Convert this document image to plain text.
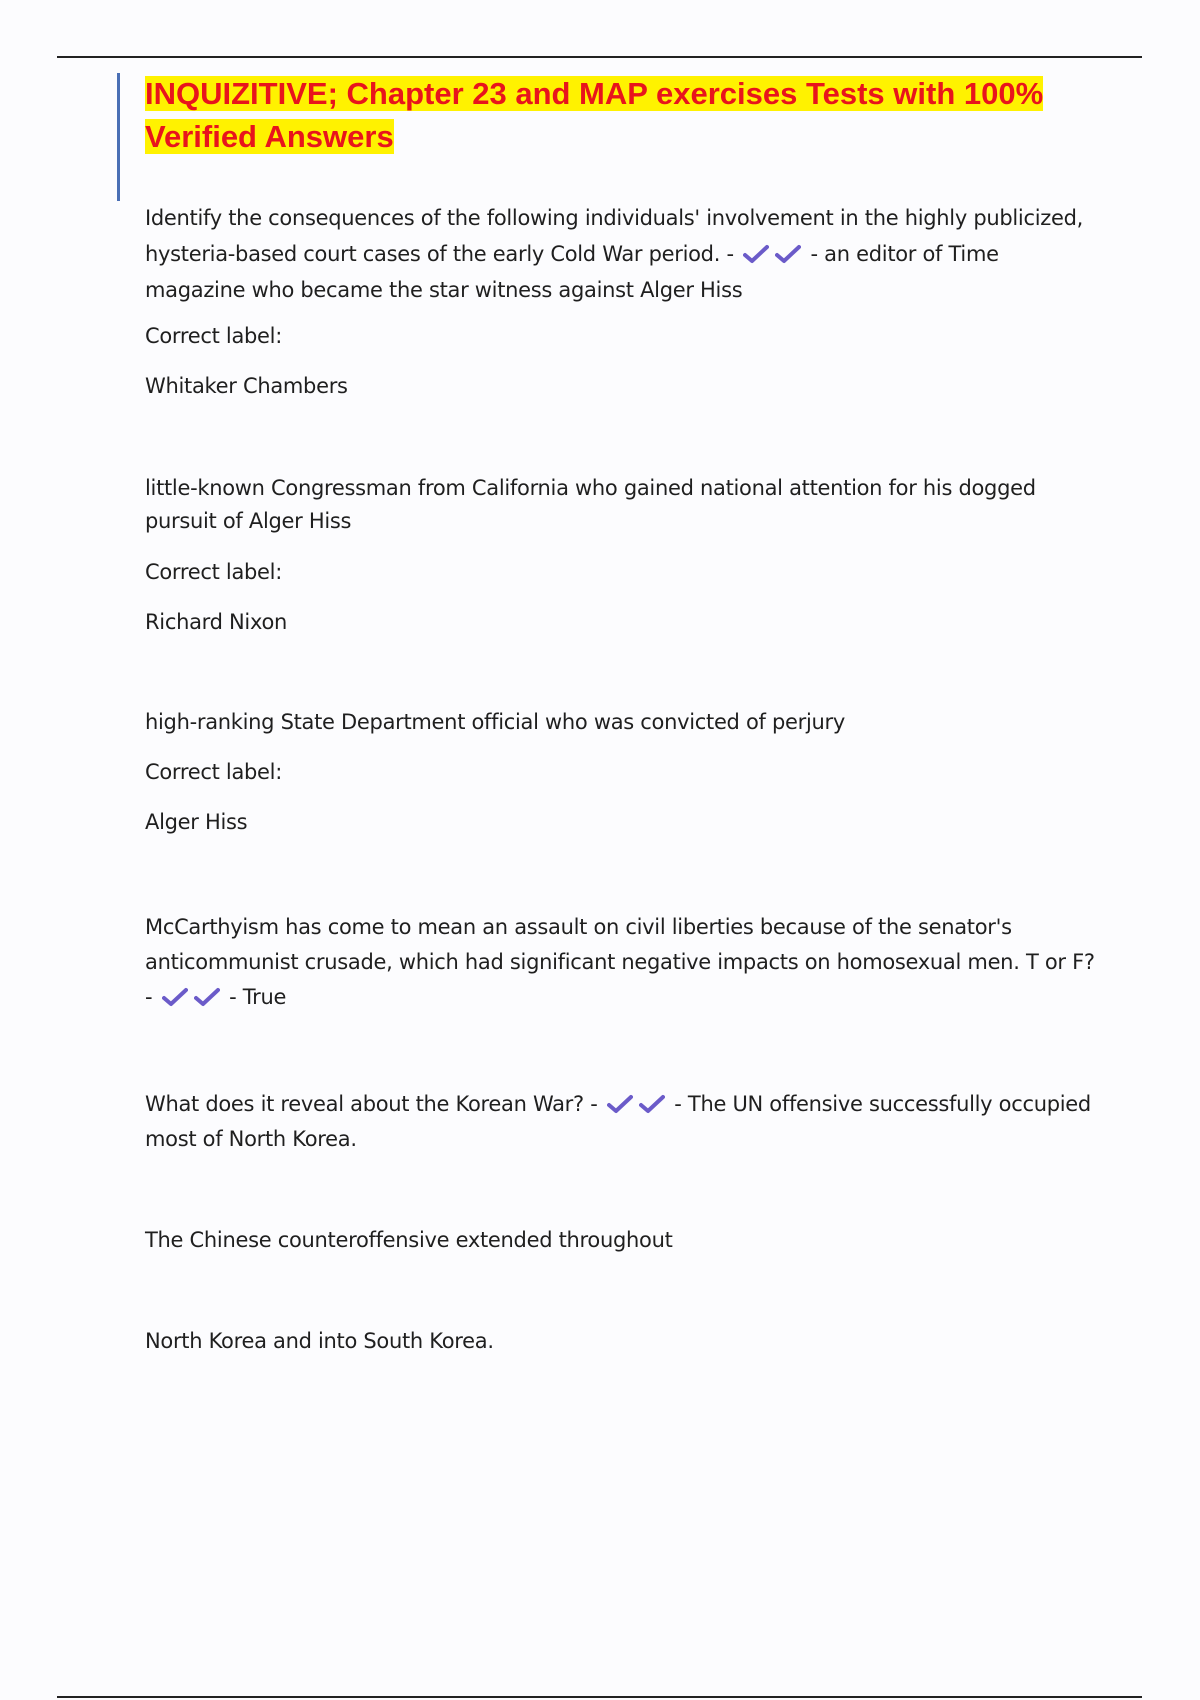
INQUIZITIVE; Chapter 23 and MAP exercises Tests with 100% Verified Answers

Identify the consequences of the following individuals' involvement in the highly publicized, hysteria-based court cases of the early Cold War period. -	- an editor of Time magazine who became the star witness against Alger Hiss

Correct label:

Whitaker Chambers

little-known Congressman from California who gained national attention for his dogged pursuit of Alger Hiss

Correct label:

Richard Nixon

high-ranking State Department official who was convicted of perjury

Correct label:

Alger Hiss

McCarthyism has come to mean an assault on civil liberties because of the senator's anticommunist crusade, which had significant negative impacts on homosexual men. T or F? -	- True

What does it reveal about the Korean War? -	- The UN offensive successfully occupied most of North Korea.

The Chinese counteroffensive extended throughout

North Korea and into South Korea.
